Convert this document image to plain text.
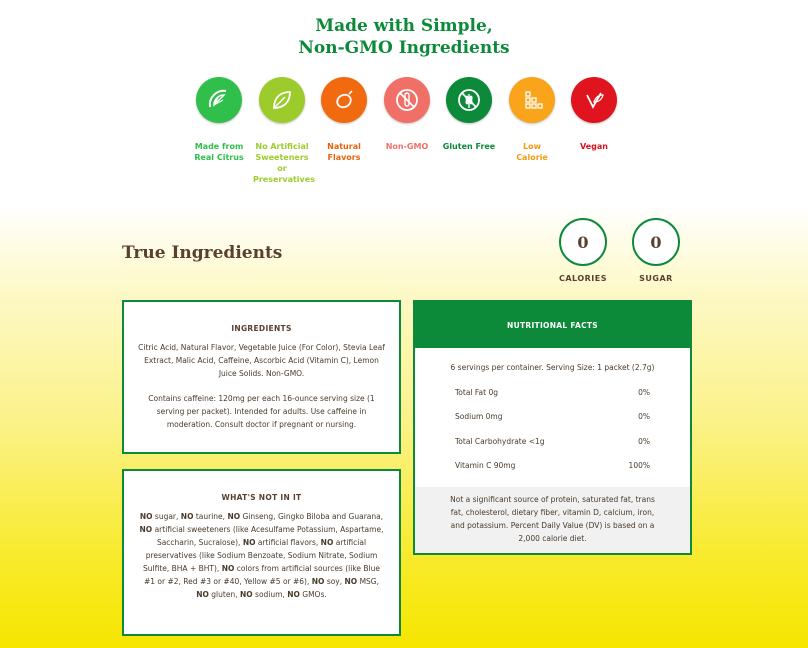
Made with Simple,
Non-GMO Ingredients
Made from Real Citrus
No Artificial Sweeteners or Preservatives
Natural Flavors
Non-GMO	Gluten Free	Low Calorie
Vegan
True Ingredients
0
CALORIES
0
SUGAR
INGREDIENTS

Citric Acid, Natural Flavor, Vegetable Juice (For Color), Stevia Leaf Extract, Malic Acid, Caffeine, Ascorbic Acid (Vitamin C), Lemon Juice Solids. Non-GMO.

Contains caffeine: 120mg per each 16-ounce serving size (1 serving per packet). Intended for adults. Use caffeine in moderation. Consult doctor if pregnant or nursing.

WHAT'S NOT IN IT

NO sugar, NO taurine, NO Ginseng, Gingko Biloba and Guarana, NO artificial sweeteners (like Acesulfame Potassium, Aspartame, Saccharin, Sucralose), NO artificial flavors, NO artificial preservatives (like Sodium Benzoate, Sodium Nitrate, Sodium Sulfite, BHA + BHT), NO colors from artificial sources (like Blue #1 or #2, Red #3 or #40, Yellow #5 or #6), NO soy, NO MSG, NO gluten, NO sodium, NO GMOs.

NUTRITIONAL FACTS
6 servings per container. Serving Size: 1 packet (2.7g)
Total Fat 0g	0%
Sodium 0mg	0%
Total Carbohydrate <1g	0%
Vitamin C 90mg	100%
Not a significant source of protein, saturated fat, trans fat, cholesterol, dietary fiber, vitamin D, calcium, iron, and potassium. Percent Daily Value (DV) is based on a 2,000 calorie diet.
